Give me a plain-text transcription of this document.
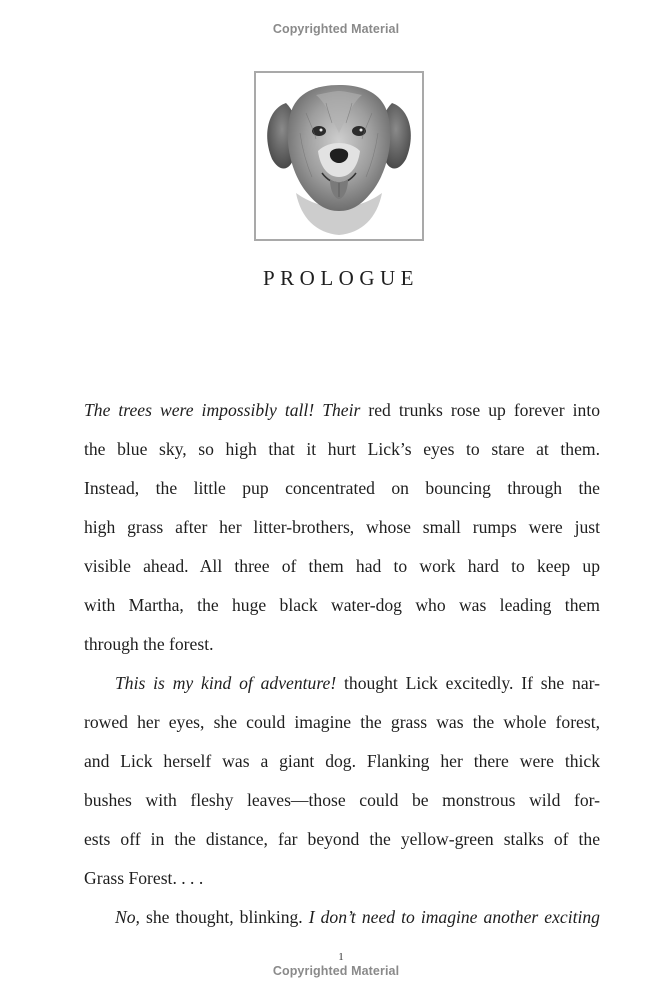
Copyrighted Material
PROLOGUE
The trees were impossibly tall! Their red trunks rose up forever into
the blue sky, so high that it hurt Lick’s eyes to stare at them.
Instead, the little pup concentrated on bouncing through the
high grass after her litter-brothers, whose small rumps were just
visible ahead. All three of them had to work hard to keep up
with Martha, the huge black water-dog who was leading them
through the forest.
This is my kind of adventure! thought Lick excitedly. If she nar-
rowed her eyes, she could imagine the grass was the whole forest,
and Lick herself was a giant dog. Flanking her there were thick
bushes with fleshy leaves—those could be monstrous wild for-
ests off in the distance, far beyond the yellow-green stalks of the
Grass Forest. . . .
No, she thought, blinking. I don’t need to imagine another exciting
1
Copyrighted Material
